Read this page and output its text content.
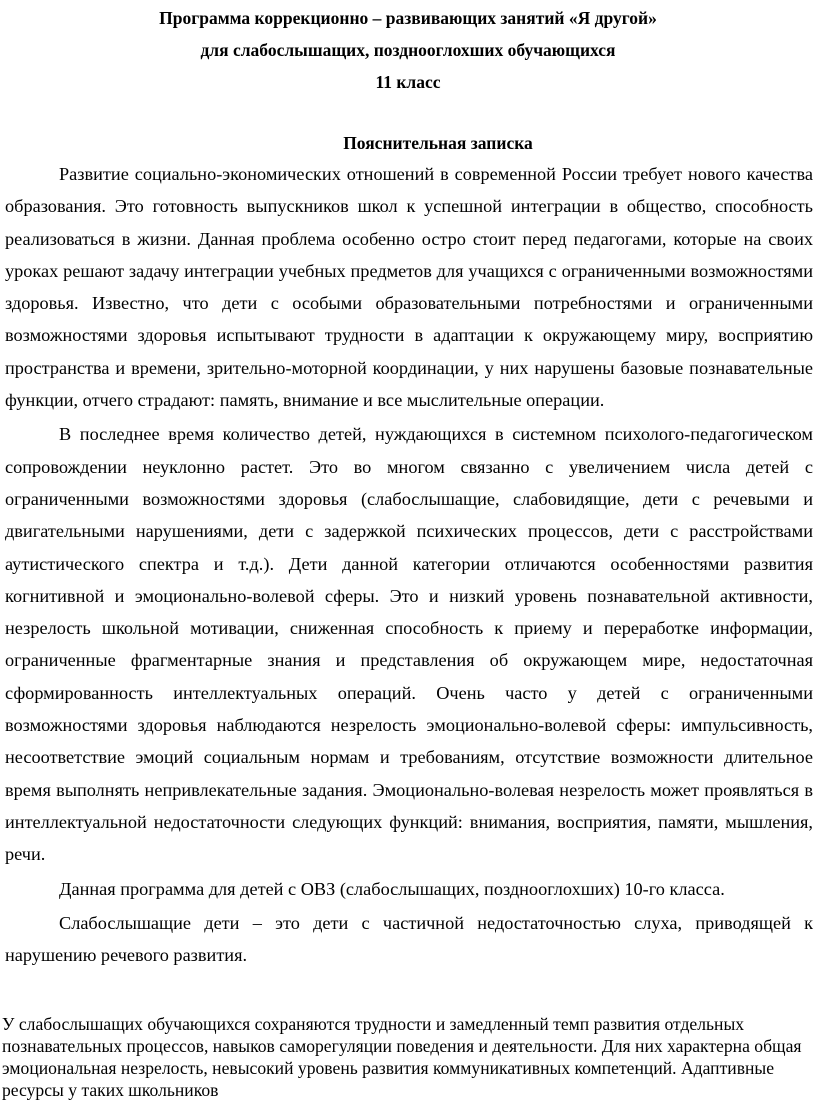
Программа коррекционно – развивающих занятий «Я другой»
для слабослышащих, позднооглохших обучающихся
11 класс
Пояснительная записка

Развитие социально-экономических отношений в современной России требует нового качества образования. Это готовность выпускников школ к успешной интеграции в общество, способность реализоваться в жизни. Данная проблема особенно остро стоит перед педагогами, которые на своих уроках решают задачу интеграции учебных предметов для учащихся с ограниченными возможностями здоровья. Известно, что дети с особыми образовательными потребностями и ограниченными возможностями здоровья испытывают трудности в адаптации к окружающему миру, восприятию пространства и времени, зрительно-моторной координации, у них нарушены базовые познавательные функции, отчего страдают: память, внимание и все мыслительные операции.

В последнее время количество детей, нуждающихся в системном психолого-педагогическом сопровождении неуклонно растет. Это во многом связанно с увеличением числа детей с ограниченными возможностями здоровья (слабослышащие, слабовидящие, дети с речевыми и двигательными нарушениями, дети с задержкой психических процессов, дети с расстройствами аутистического спектра и т.д.). Дети данной категории отличаются особенностями развития когнитивной и эмоционально-волевой сферы. Это и низкий уровень познавательной активности, незрелость школьной мотивации, сниженная способность к приему и переработке информации, ограниченные фрагментарные знания и представления об окружающем мире, недостаточная сформированность интеллектуальных операций. Очень часто у детей с ограниченными возможностями здоровья наблюдаются незрелость эмоционально-волевой сферы: импульсивность, несоответствие эмоций социальным нормам и требованиям, отсутствие возможности длительное время выполнять непривлекательные задания. Эмоционально-волевая незрелость может проявляться в интеллектуальной недостаточности следующих функций: внимания, восприятия, памяти, мышления, речи.

Данная программа для детей с ОВЗ (слабослышащих, позднооглохших) 10-го класса.

Слабослышащие дети – это дети с частичной недостаточностью слуха, приводящей к нарушению речевого развития.

У слабослышащих обучающихся сохраняются трудности и замедленный темп развития отдельных познавательных процессов, навыков саморегуляции поведения и деятельности. Для них характерна общая эмоциональная незрелость, невысокий уровень развития коммуникативных компетенций. Адаптивные ресурсы у таких школьников
